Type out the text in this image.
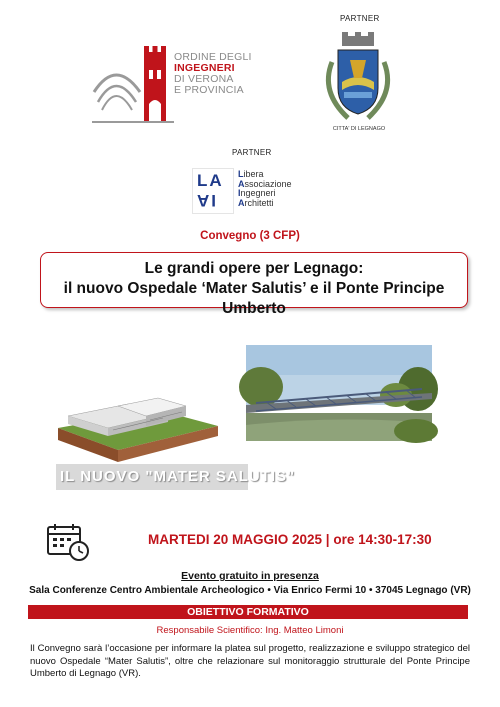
PARTNER
ORDINE DEGLI
INGEGNERI
DI VERONA
E PROVINCIA
CITTA' DI LEGNAGO
PARTNER
LA
AI
Libera
Associazione
Ingegneri
Architetti
Convegno (3 CFP)
Le grandi opere per Legnago:
il nuovo Ospedale ‘Mater Salutis’ e il Ponte Principe Umberto
IL NUOVO "MATER SALUTIS"
MARTEDI 20 MAGGIO 2025 | ore 14:30-17:30
Evento gratuito in presenza
Sala Conferenze Centro Ambientale Archeologico • Via Enrico Fermi 10 • 37045 Legnago (VR)
OBIETTIVO FORMATIVO
Responsabile Scientifico: Ing. Matteo Limoni
Il Convegno sarà l’occasione per informare la platea sul progetto, realizzazione e sviluppo strategico del nuovo Ospedale “Mater Salutis”, oltre che relazionare sul monitoraggio strutturale del Ponte Principe Umberto di Legnago (VR).
